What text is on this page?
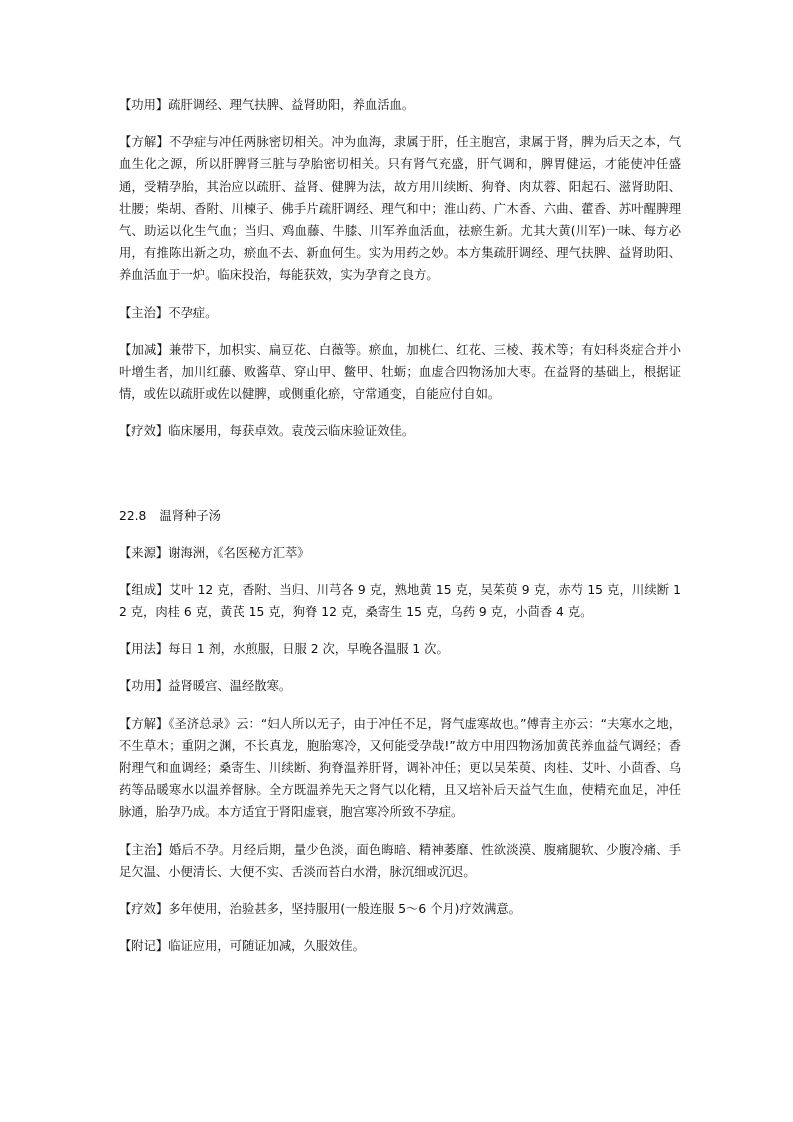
【功用】疏肝调经、理气扶脾、益肾助阳，养血活血。

【方解】不孕症与冲任两脉密切相关。冲为血海，隶属于肝，任主胞宫，隶属于肾，脾为后天之本，气血生化之源，所以肝脾肾三脏与孕胎密切相关。只有肾气充盛，肝气调和，脾胃健运，才能使冲任盛通，受精孕胎，其治应以疏肝、益肾、健脾为法，故方用川续断、狗脊、肉苁蓉、阳起石、滋肾助阳、壮腰；柴胡、香附、川楝子、佛手片疏肝调经、理气和中；淮山药、广木香、六曲、藿香、苏叶醒脾理气、助运以化生气血；当归、鸡血藤、牛膝、川军养血活血，祛瘀生新。尤其大黄(川军)一味、每方必用，有推陈出新之功，瘀血不去、新血何生。实为用药之妙。本方集疏肝调经、理气扶脾、益肾助阳、养血活血于一炉。临床投治，每能获效，实为孕育之良方。

【主治】不孕症。

【加减】兼带下，加枳实、扁豆花、白薇等。瘀血，加桃仁、红花、三棱、莪术等；有妇科炎症合并小叶增生者，加川红藤、败酱草、穿山甲、鳖甲、牡蛎；血虚合四物汤加大枣。在益肾的基础上，根据证情，或佐以疏肝或佐以健脾，或侧重化瘀，守常通变，自能应付自如。

【疗效】临床屡用，每获卓效。袁茂云临床验证效佳。

22.8 温肾种子汤

【来源】谢海洲，《名医秘方汇萃》

【组成】艾叶 12 克，香附、当归、川芎各 9 克，熟地黄 15 克，吴茱萸 9 克，赤芍 15 克，川续断 12 克，肉桂 6 克，黄芪 15 克，狗脊 12 克，桑寄生 15 克，乌药 9 克，小茴香 4 克。

【用法】每日 1 剂，水煎服，日服 2 次，早晚各温服 1 次。

【功用】益肾暖宫、温经散寒。

【方解】《圣济总录》云：“妇人所以无子，由于冲任不足，肾气虚寒故也。”傅青主亦云：“夫寒水之地，不生草木；重阴之渊，不长真龙，胞胎寒冷，又何能受孕哉!”故方中用四物汤加黄芪养血益气调经；香附理气和血调经；桑寄生、川续断、狗脊温养肝肾，调补冲任；更以吴茱萸、肉桂、艾叶、小茴香、乌药等品暖寒水以温养督脉。全方既温养先天之肾气以化精，且又培补后天益气生血，使精充血足，冲任脉通，胎孕乃成。本方适宜于肾阳虚衰，胞宫寒冷所致不孕症。

【主治】婚后不孕。月经后期，量少色淡，面色晦暗、精神萎靡、性欲淡漠、腹痛腿软、少腹冷痛、手足欠温、小便清长、大便不实、舌淡而苔白水滑，脉沉细或沉迟。

【疗效】多年使用，治验甚多，坚持服用(一般连服 5～6 个月)疗效满意。

【附记】临证应用，可随证加减，久服效佳。
